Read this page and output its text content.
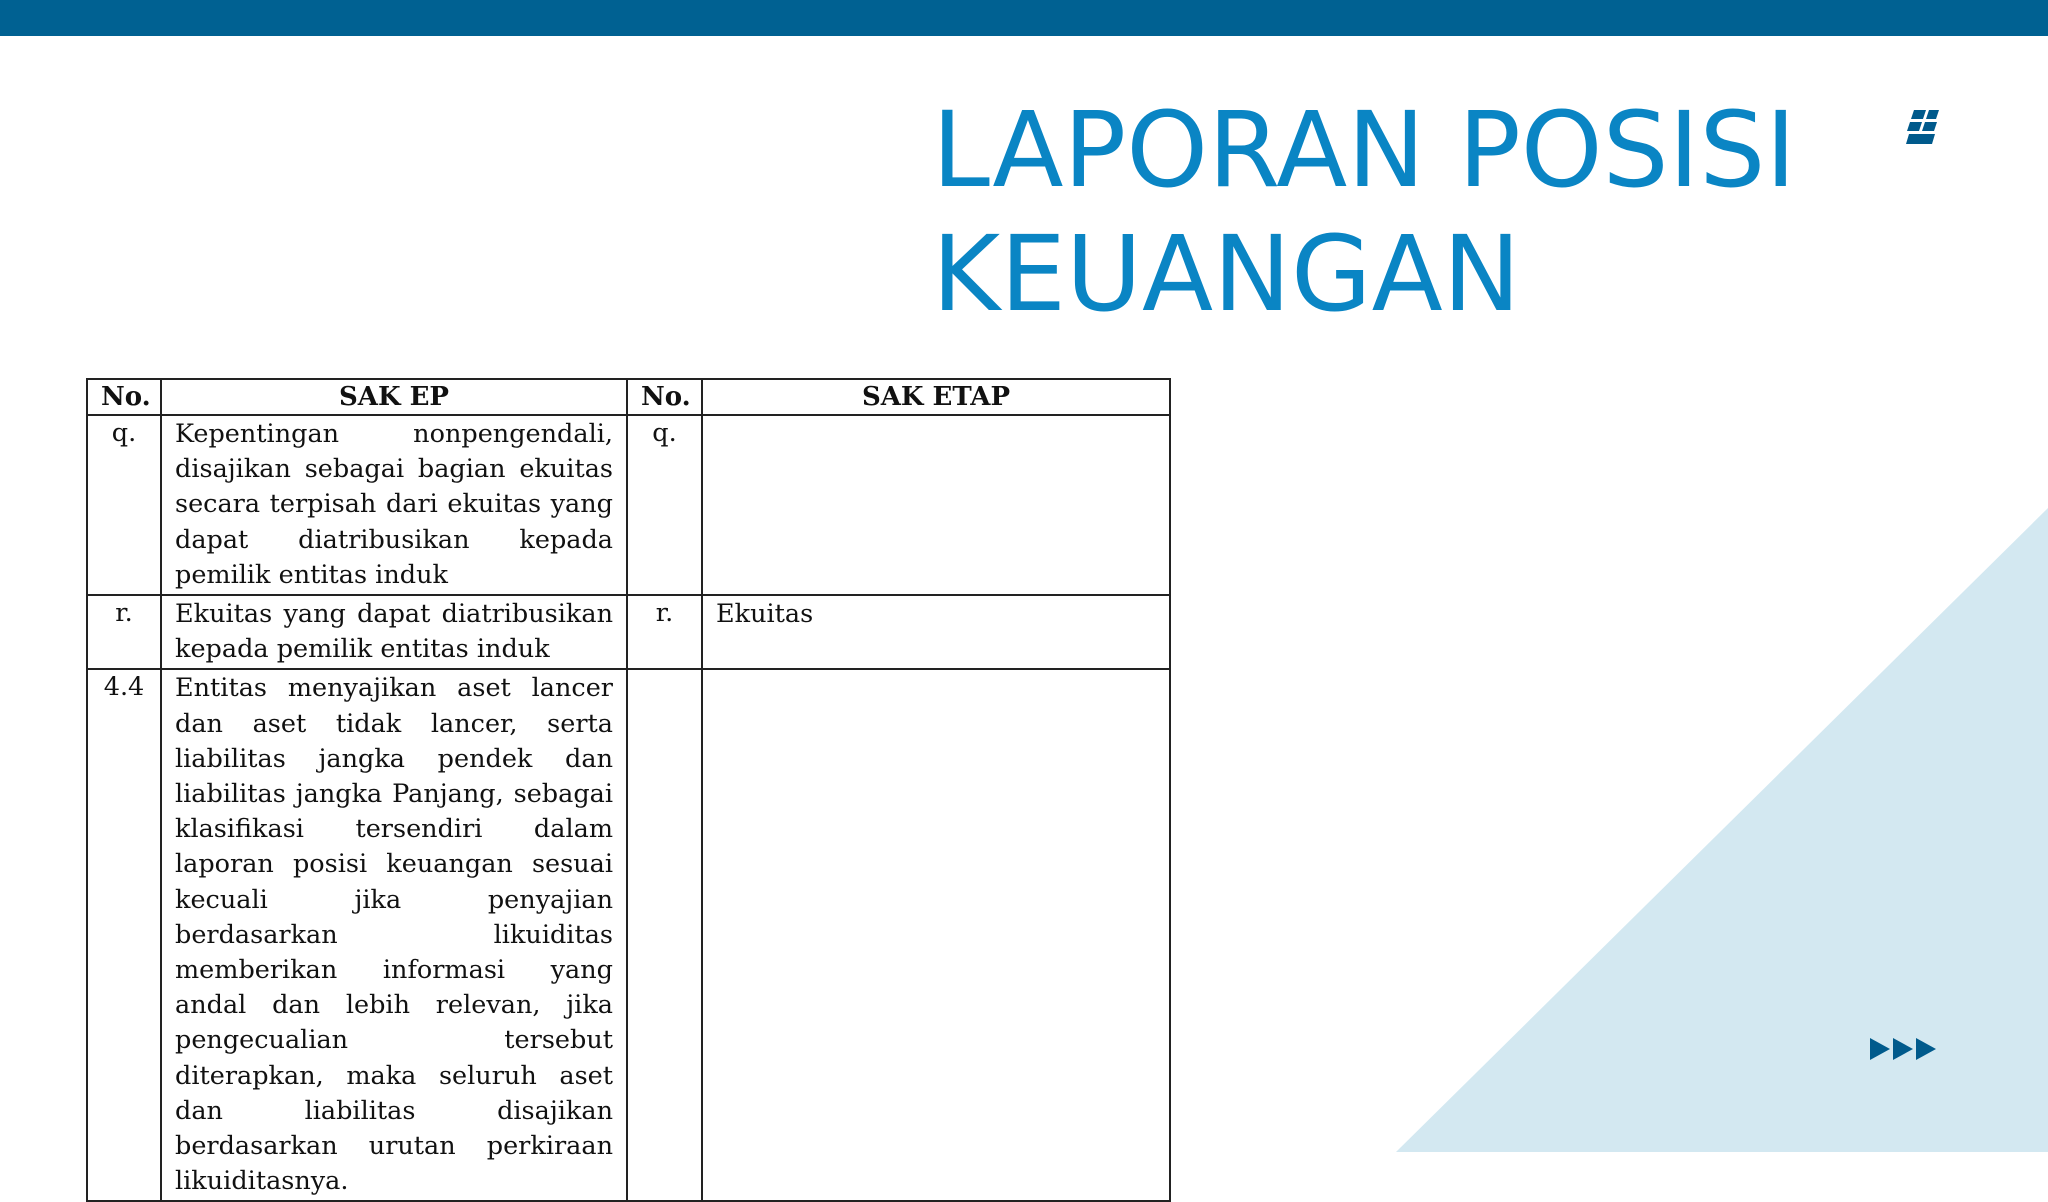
LAPORAN POSISI
KEUANGAN
No.	SAK EP	No.	SAK ETAP
q.	Kepentingan nonpengendali, disajikan sebagai bagian ekuitas secara terpisah dari ekuitas yang dapat diatribusikan kepada pemilik entitas induk	q.	
r.	Ekuitas yang dapat diatribusikan kepada pemilik entitas induk	r.	Ekuitas
4.4	Entitas menyajikan aset lancer dan aset tidak lancer, serta liabilitas jangka pendek dan liabilitas jangka Panjang, sebagai klasifikasi tersendiri dalam laporan posisi keuangan sesuai kecuali jika penyajian berdasarkan likuiditas memberikan informasi yang andal dan lebih relevan, jika pengecualian tersebut diterapkan, maka seluruh aset dan liabilitas disajikan berdasarkan urutan perkiraan likuiditasnya.		
